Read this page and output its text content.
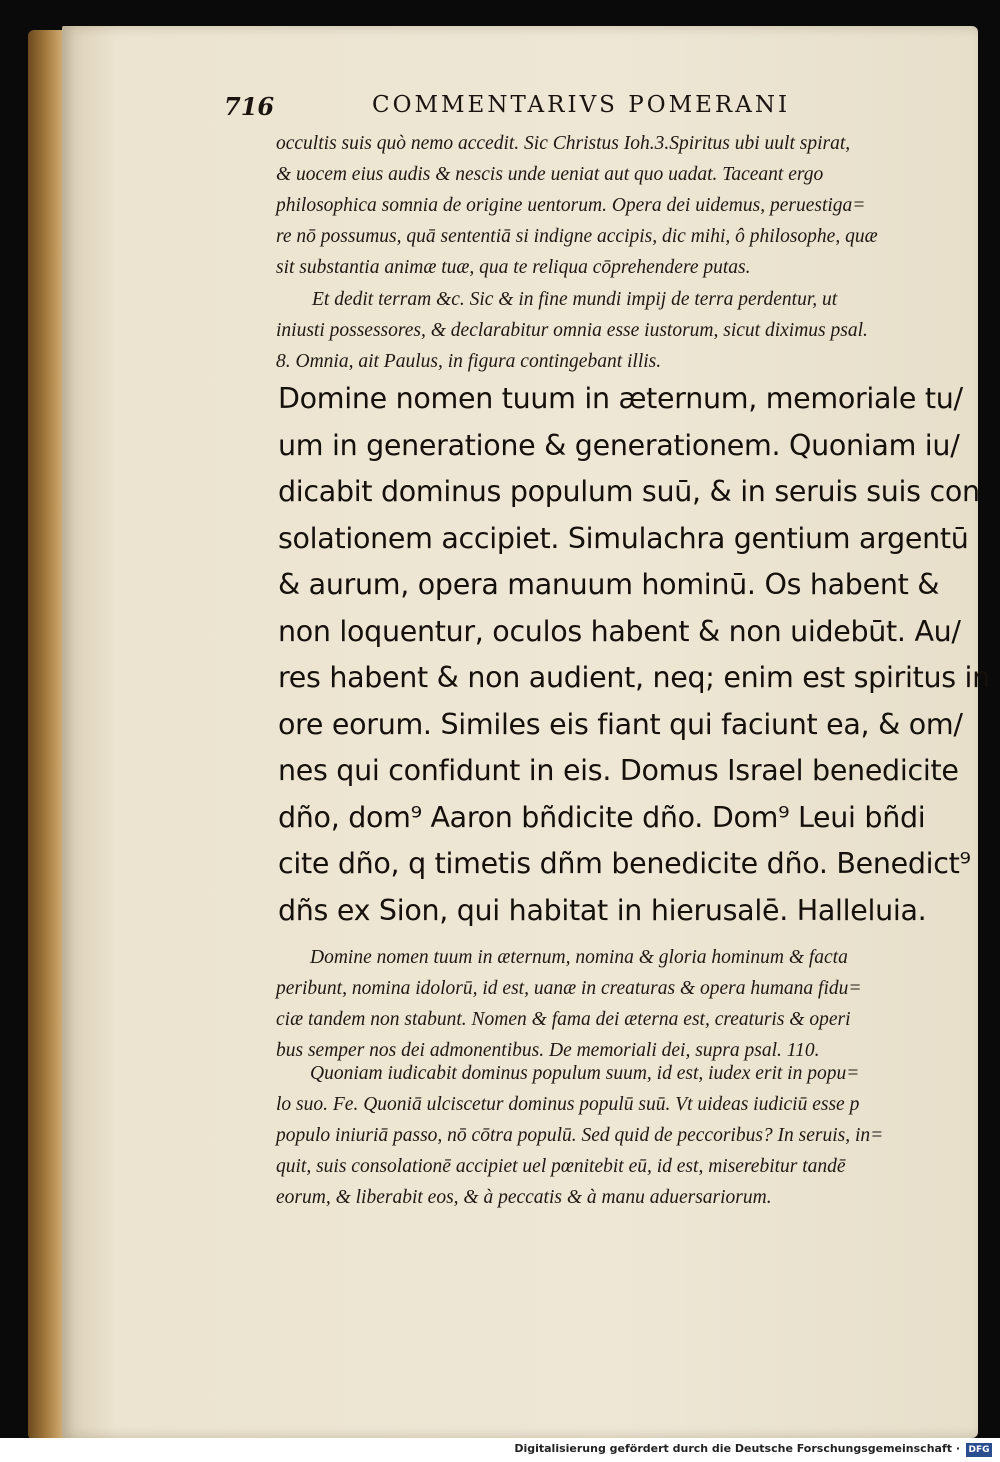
716	COMMENTARIVS POMERANI
occultis suis quò nemo accedit. Sic Christus Ioh.3.Spiritus ubi uult spirat,
& uocem eius audis & nescis unde ueniat aut quo uadat. Taceant ergo
philosophica somnia de origine uentorum. Opera dei uidemus, peruestiga=
re nō possumus, quā sententiā si indigne accipis, dic mihi, ô philosophe, quæ
sit substantia animæ tuæ, qua te reliqua cōprehendere putas.
Et dedit terram &c. Sic & in fine mundi impij de terra perdentur, ut
iniusti possessores, & declarabitur omnia esse iustorum, sicut diximus psal.
8. Omnia, ait Paulus, in figura contingebant illis.
Domine nomen tuum in æternum, memoriale tu/
um in generatione & generationem. Quoniam iu/
dicabit dominus populum suū, & in seruis suis con
solationem accipiet. Simulachra gentium argentū
& aurum, opera manuum hominū. Os habent &
non loquentur, oculos habent & non uidebūt. Au/
res habent & non audient, neq; enim est spiritus in
ore eorum. Similes eis fiant qui faciunt ea, & om/
nes qui confidunt in eis. Domus Israel benedicite
dño, dom⁹ Aaron bñdicite dño. Dom⁹ Leui bñdi
cite dño, q timetis dñm benedicite dño. Benedict⁹
dñs ex Sion, qui habitat in hierusalē. Halleluia.
Domine nomen tuum in æternum, nomina & gloria hominum & facta
peribunt, nomina idolorū, id est, uanæ in creaturas & opera humana fidu=
ciæ tandem non stabunt. Nomen & fama dei æterna est, creaturis & operi
bus semper nos dei admonentibus. De memoriali dei, supra psal. 110.
Quoniam iudicabit dominus populum suum, id est, iudex erit in popu=
lo suo. Fe. Quoniā ulciscetur dominus populū suū. Vt uideas iudiciū esse p
populo iniuriā passo, nō cōtra populū. Sed quid de peccoribus? In seruis, in=
quit, suis consolationē accipiet uel pœnitebit eū, id est, miserebitur tandē
eorum, & liberabit eos, & à peccatis & à manu aduersariorum.
Digitalisierung gefördert durch die Deutsche Forschungsgemeinschaft · DFG
